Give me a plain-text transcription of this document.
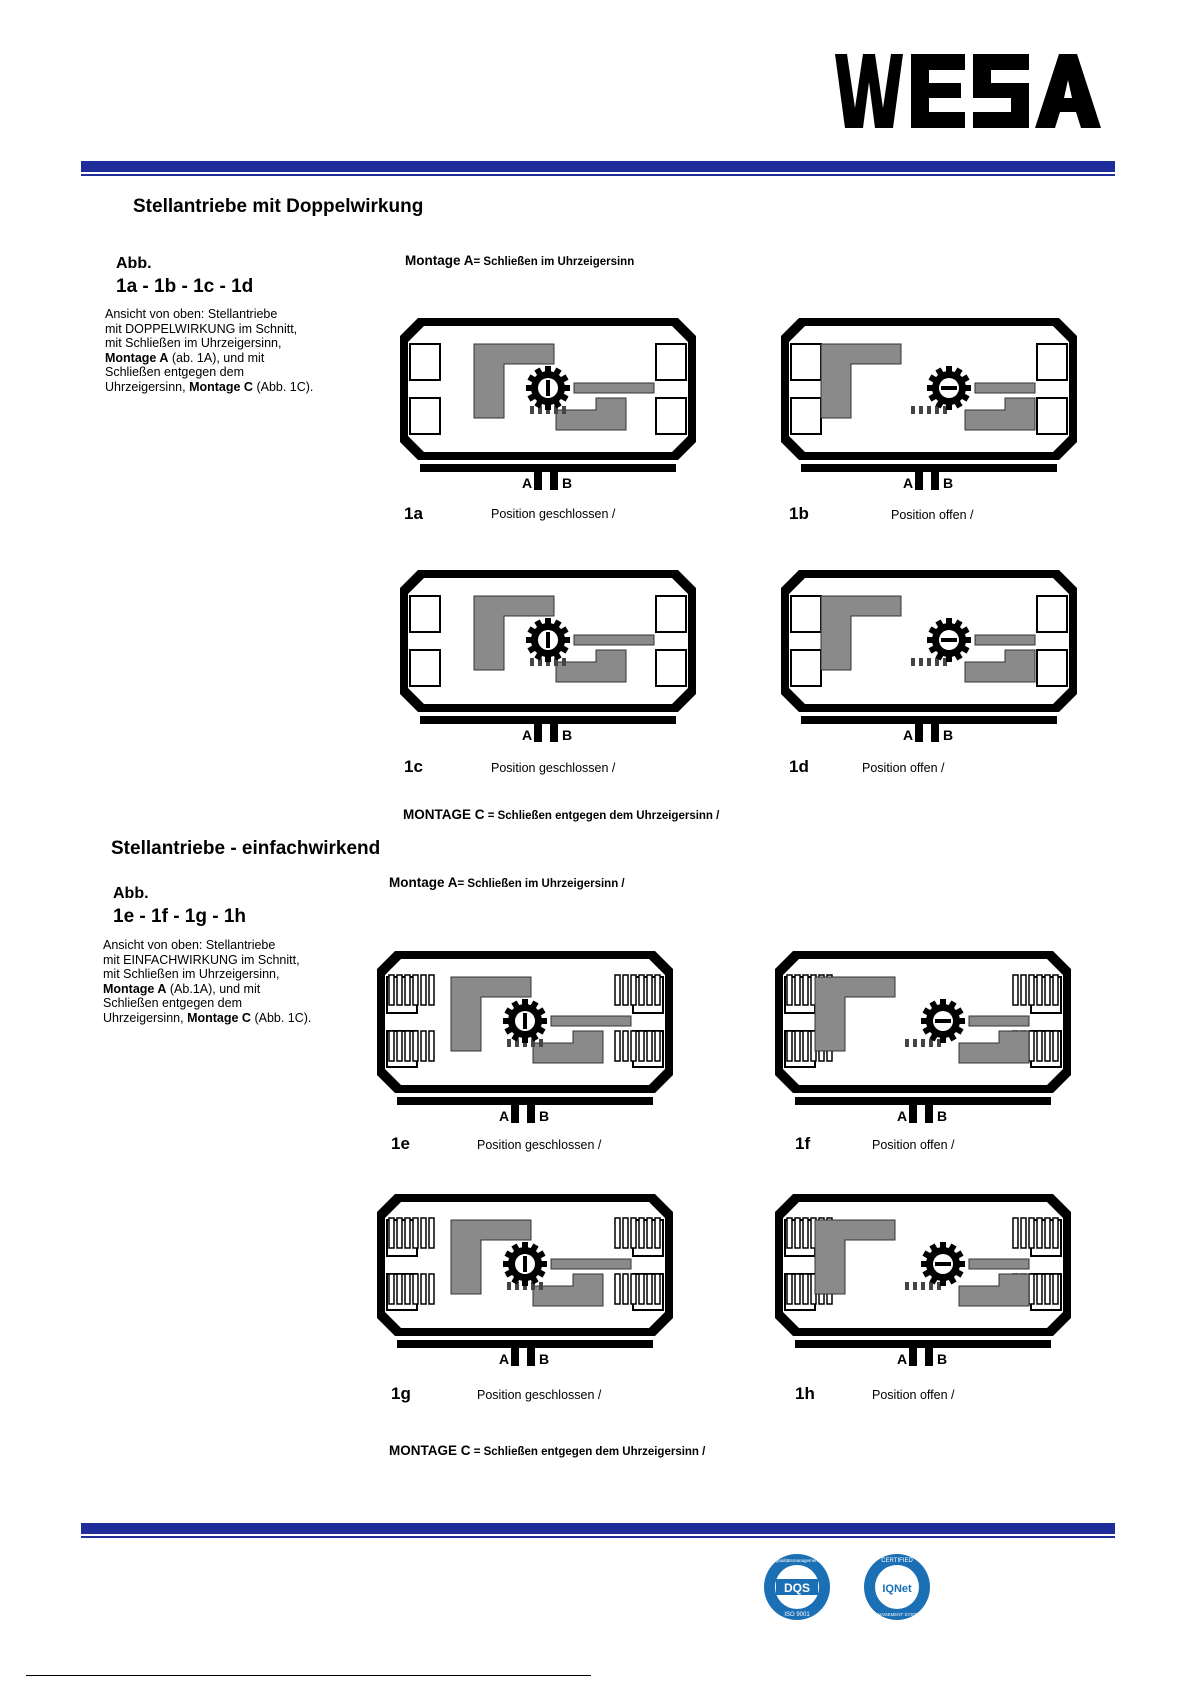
Stellantriebe mit Doppelwirkung
Abb.
1a - 1b - 1c - 1d
Ansicht von oben: Stellantriebe
mit DOPPELWIRKUNG im Schnitt,
mit Schließen im Uhrzeigersinn,
Montage A (ab. 1A), und mit
Schließen entgegen dem
Uhrzeigersinn, Montage C (Abb. 1C).
Montage A= Schließen im Uhrzeigersinn
MONTAGE C = Schließen entgegen dem Uhrzeigersinn /
Stellantriebe - einfachwirkend
Abb.
1e - 1f - 1g - 1h
Ansicht von oben: Stellantriebe
mit EINFACHWIRKUNG im Schnitt,
mit Schließen im Uhrzeigersinn,
Montage A (Ab.1A), und mit
Schließen entgegen dem
Uhrzeigersinn, Montage C (Abb. 1C).
Montage A= Schließen im Uhrzeigersinn /
MONTAGE C = Schließen entgegen dem Uhrzeigersinn /
A B
1a	Position geschlossen /
A B
1b	Position offen /
A B
1c	Position geschlossen /
A B
1d	Position offen /
A B
1e	Position geschlossen /
A B
1f	Position offen /
A B
1g	Position geschlossen /
A B
1h	Position offen /
DQS
ISO 9001
Qualitätsmanagement
IQNet
CERTIFIED
MANAGEMENT SYSTEM
